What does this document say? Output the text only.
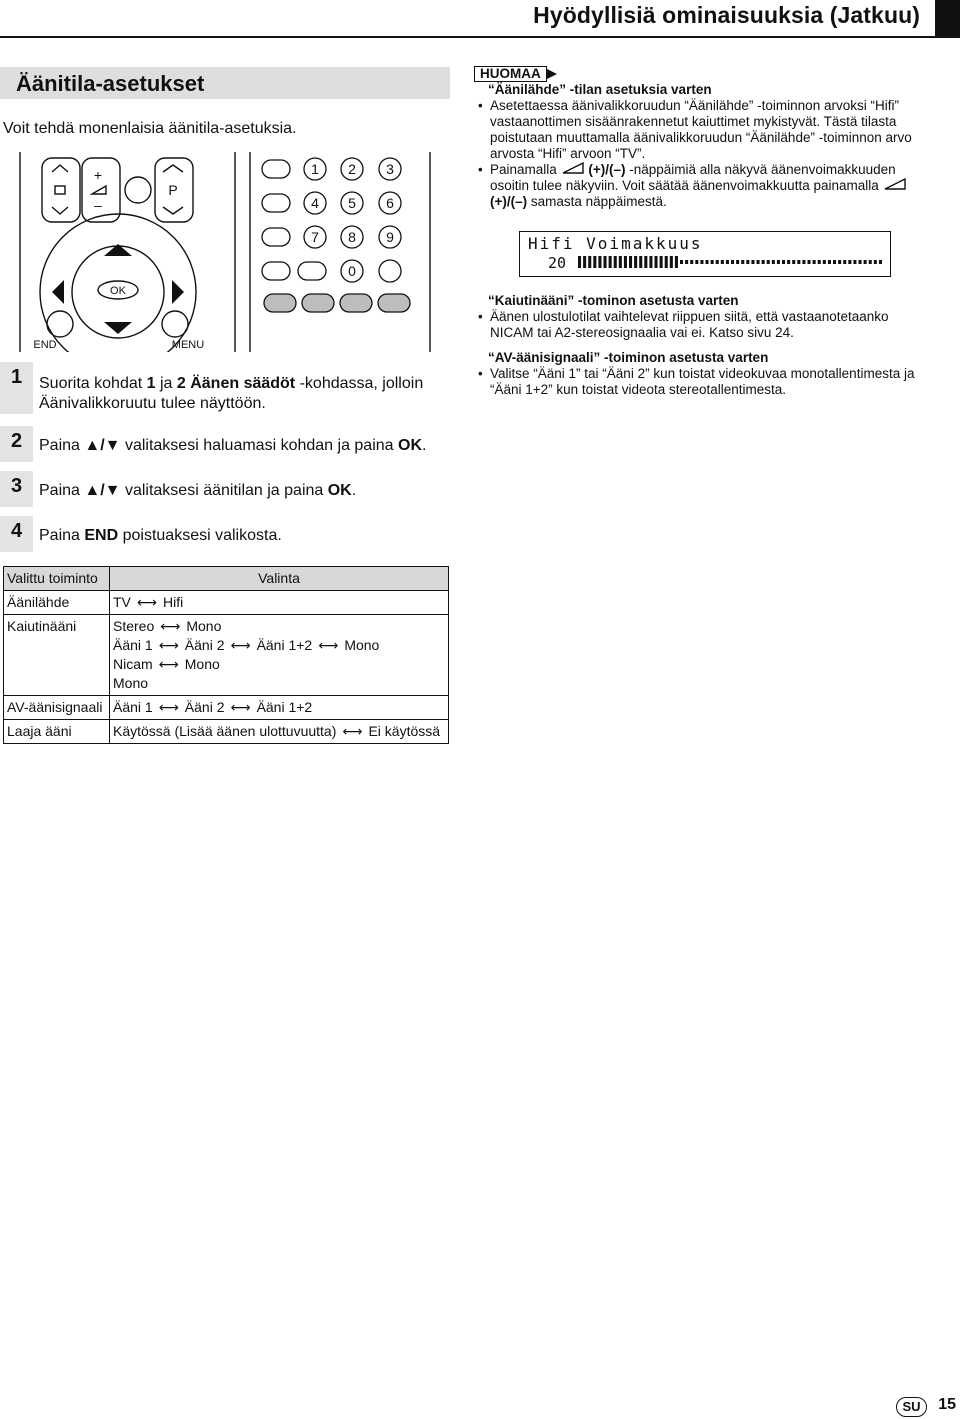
Hyödyllisiä ominaisuuksia (Jatkuu)
Äänitila-asetukset
Voit tehdä monenlaisia äänitila-asetuksia.
1 2 3
4 5 6
7 8 9
0
+
–
P
OK
END	MENU
1	Suorita kohdat 1 ja 2 Äänen säädöt -kohdassa, jolloin Äänivalikkoruutu tulee näyttöön.
2	Paina ▲/▼ valitaksesi haluamasi kohdan ja paina OK.
3	Paina ▲/▼ valitaksesi äänitilan ja paina OK.
4	Paina END poistuaksesi valikosta.
Valittu toiminto	Valinta
Äänilähde	TV ⟷ Hifi

Kaiutinääni	Stereo ⟷ Mono
Ääni 1 ⟷ Ääni 2 ⟷ Ääni 1+2 ⟷ Mono
Nicam ⟷ Mono
Mono

AV-äänisignaali	Ääni 1 ⟷ Ääni 2 ⟷ Ääni 1+2

Laaja ääni	Käytössä (Lisää äänen ulottuvuutta) ⟷ Ei käytössä
HUOMAA
“Äänilähde” -tilan asetuksia varten
• Asetettaessa äänivalikkoruudun “Äänilähde” -toiminnon arvoksi “Hifi” vastaanottimen sisäänrakennetut kaiuttimet mykistyvät. Tästä tilasta poistutaan muuttamalla äänivalikkoruudun “Äänilähde” -toiminnon arvo arvosta “Hifi” arvoon “TV”.
• Painamalla (+)/(–) -näppäimiä alla näkyvä äänenvoimakkuuden osoitin tulee näkyviin. Voit säätää äänenvoimakkuutta painamalla  (+)/(–) samasta näppäimestä.
Hifi Voimakkuus
20
“Kaiutinääni” -tominon asetusta varten
• Äänen ulostulotilat vaihtelevat riippuen siitä, että vastaanotetaanko NICAM tai A2-stereosignaalia vai ei. Katso sivu 24.
“AV-äänisignaali” -toiminon asetusta varten
• Valitse “Ääni 1” tai “Ääni 2” kun toistat videokuvaa monotallentimesta ja “Ääni 1+2” kun toistat videota stereotallentimesta.
SU	15
